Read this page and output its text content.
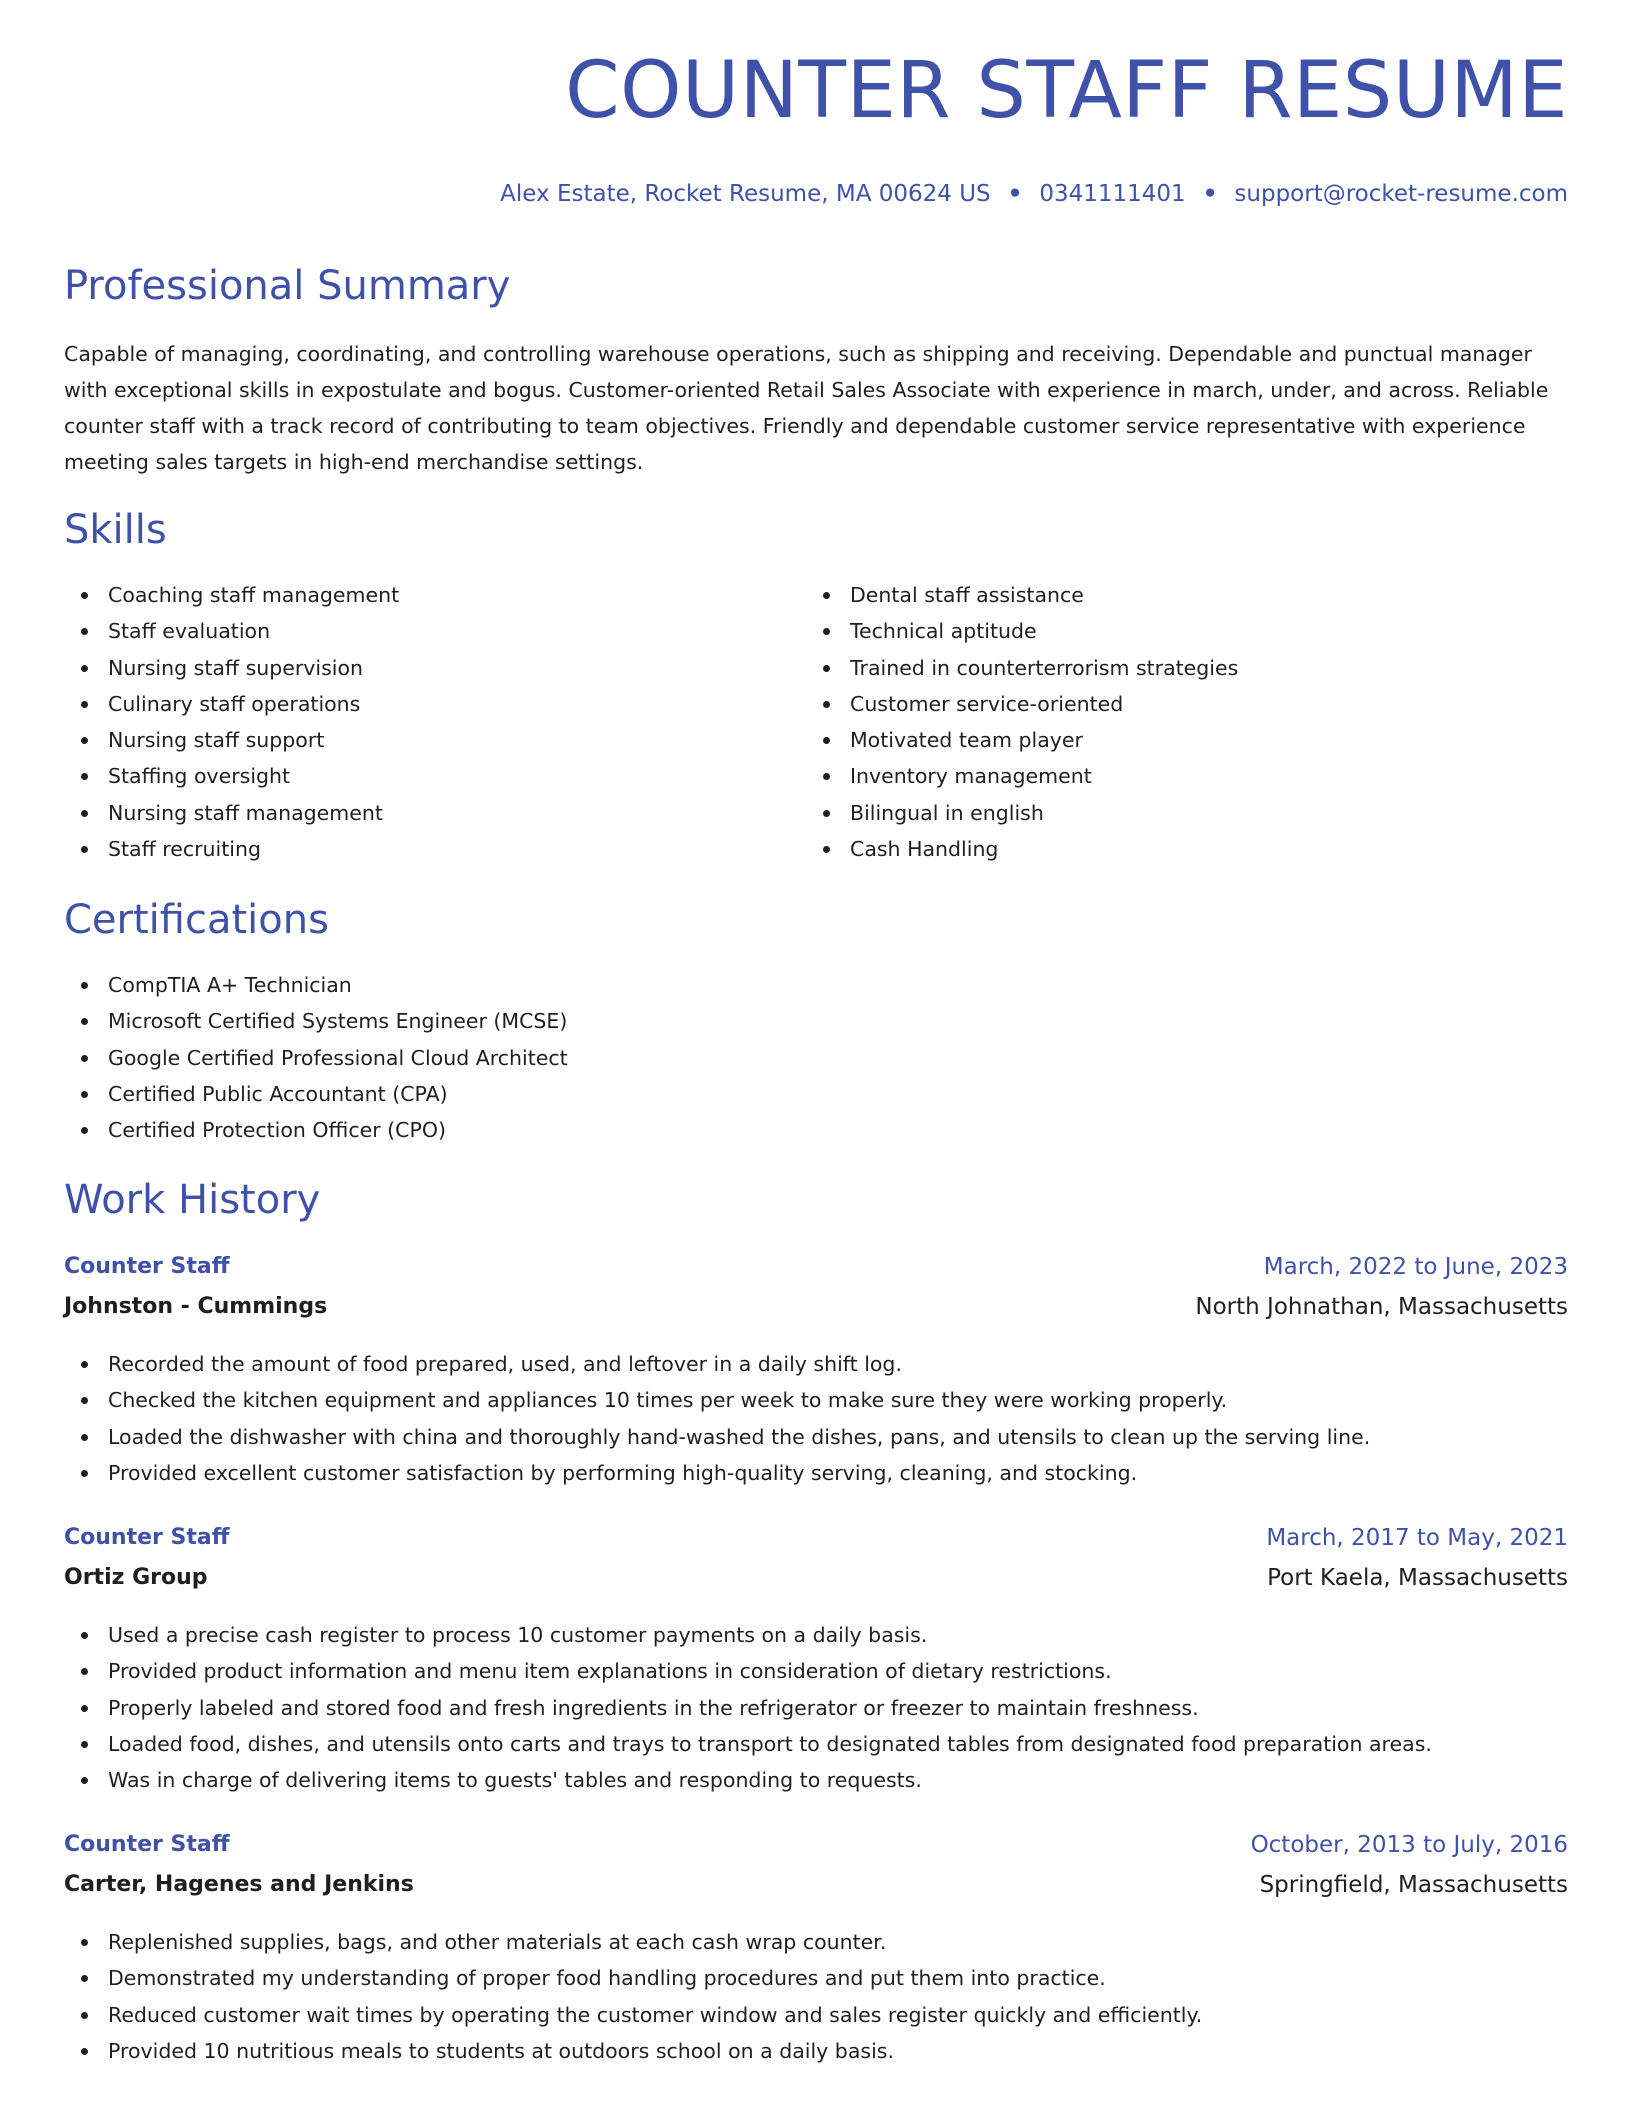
COUNTER STAFF RESUME
Alex Estate, Rocket Resume, MA 00624 US • 0341111401 • support@rocket-resume.com
Professional Summary

Capable of managing, coordinating, and controlling warehouse operations, such as shipping and receiving. Dependable and punctual manager with exceptional skills in expostulate and bogus. Customer-oriented Retail Sales Associate with experience in march, under, and across. Reliable counter staff with a track record of contributing to team objectives. Friendly and dependable customer service representative with experience meeting sales targets in high-end merchandise settings.

Skills
Coaching staff management
Staff evaluation
Nursing staff supervision
Culinary staff operations
Nursing staff support
Staffing oversight
Nursing staff management
Staff recruiting
Dental staff assistance
Technical aptitude
Trained in counterterrorism strategies
Customer service-oriented
Motivated team player
Inventory management
Bilingual in english
Cash Handling
Certifications
CompTIA A+ Technician
Microsoft Certified Systems Engineer (MCSE)
Google Certified Professional Cloud Architect
Certified Public Accountant (CPA)
Certified Protection Officer (CPO)
Work History
Counter Staff	March, 2022 to June, 2023
Johnston - Cummings	North Johnathan, Massachusetts
Recorded the amount of food prepared, used, and leftover in a daily shift log.
Checked the kitchen equipment and appliances 10 times per week to make sure they were working properly.
Loaded the dishwasher with china and thoroughly hand-washed the dishes, pans, and utensils to clean up the serving line.
Provided excellent customer satisfaction by performing high-quality serving, cleaning, and stocking.
Counter Staff	March, 2017 to May, 2021
Ortiz Group	Port Kaela, Massachusetts
Used a precise cash register to process 10 customer payments on a daily basis.
Provided product information and menu item explanations in consideration of dietary restrictions.
Properly labeled and stored food and fresh ingredients in the refrigerator or freezer to maintain freshness.
Loaded food, dishes, and utensils onto carts and trays to transport to designated tables from designated food preparation areas.
Was in charge of delivering items to guests' tables and responding to requests.
Counter Staff	October, 2013 to July, 2016
Carter, Hagenes and Jenkins	Springfield, Massachusetts
Replenished supplies, bags, and other materials at each cash wrap counter.
Demonstrated my understanding of proper food handling procedures and put them into practice.
Reduced customer wait times by operating the customer window and sales register quickly and efficiently.
Provided 10 nutritious meals to students at outdoors school on a daily basis.
